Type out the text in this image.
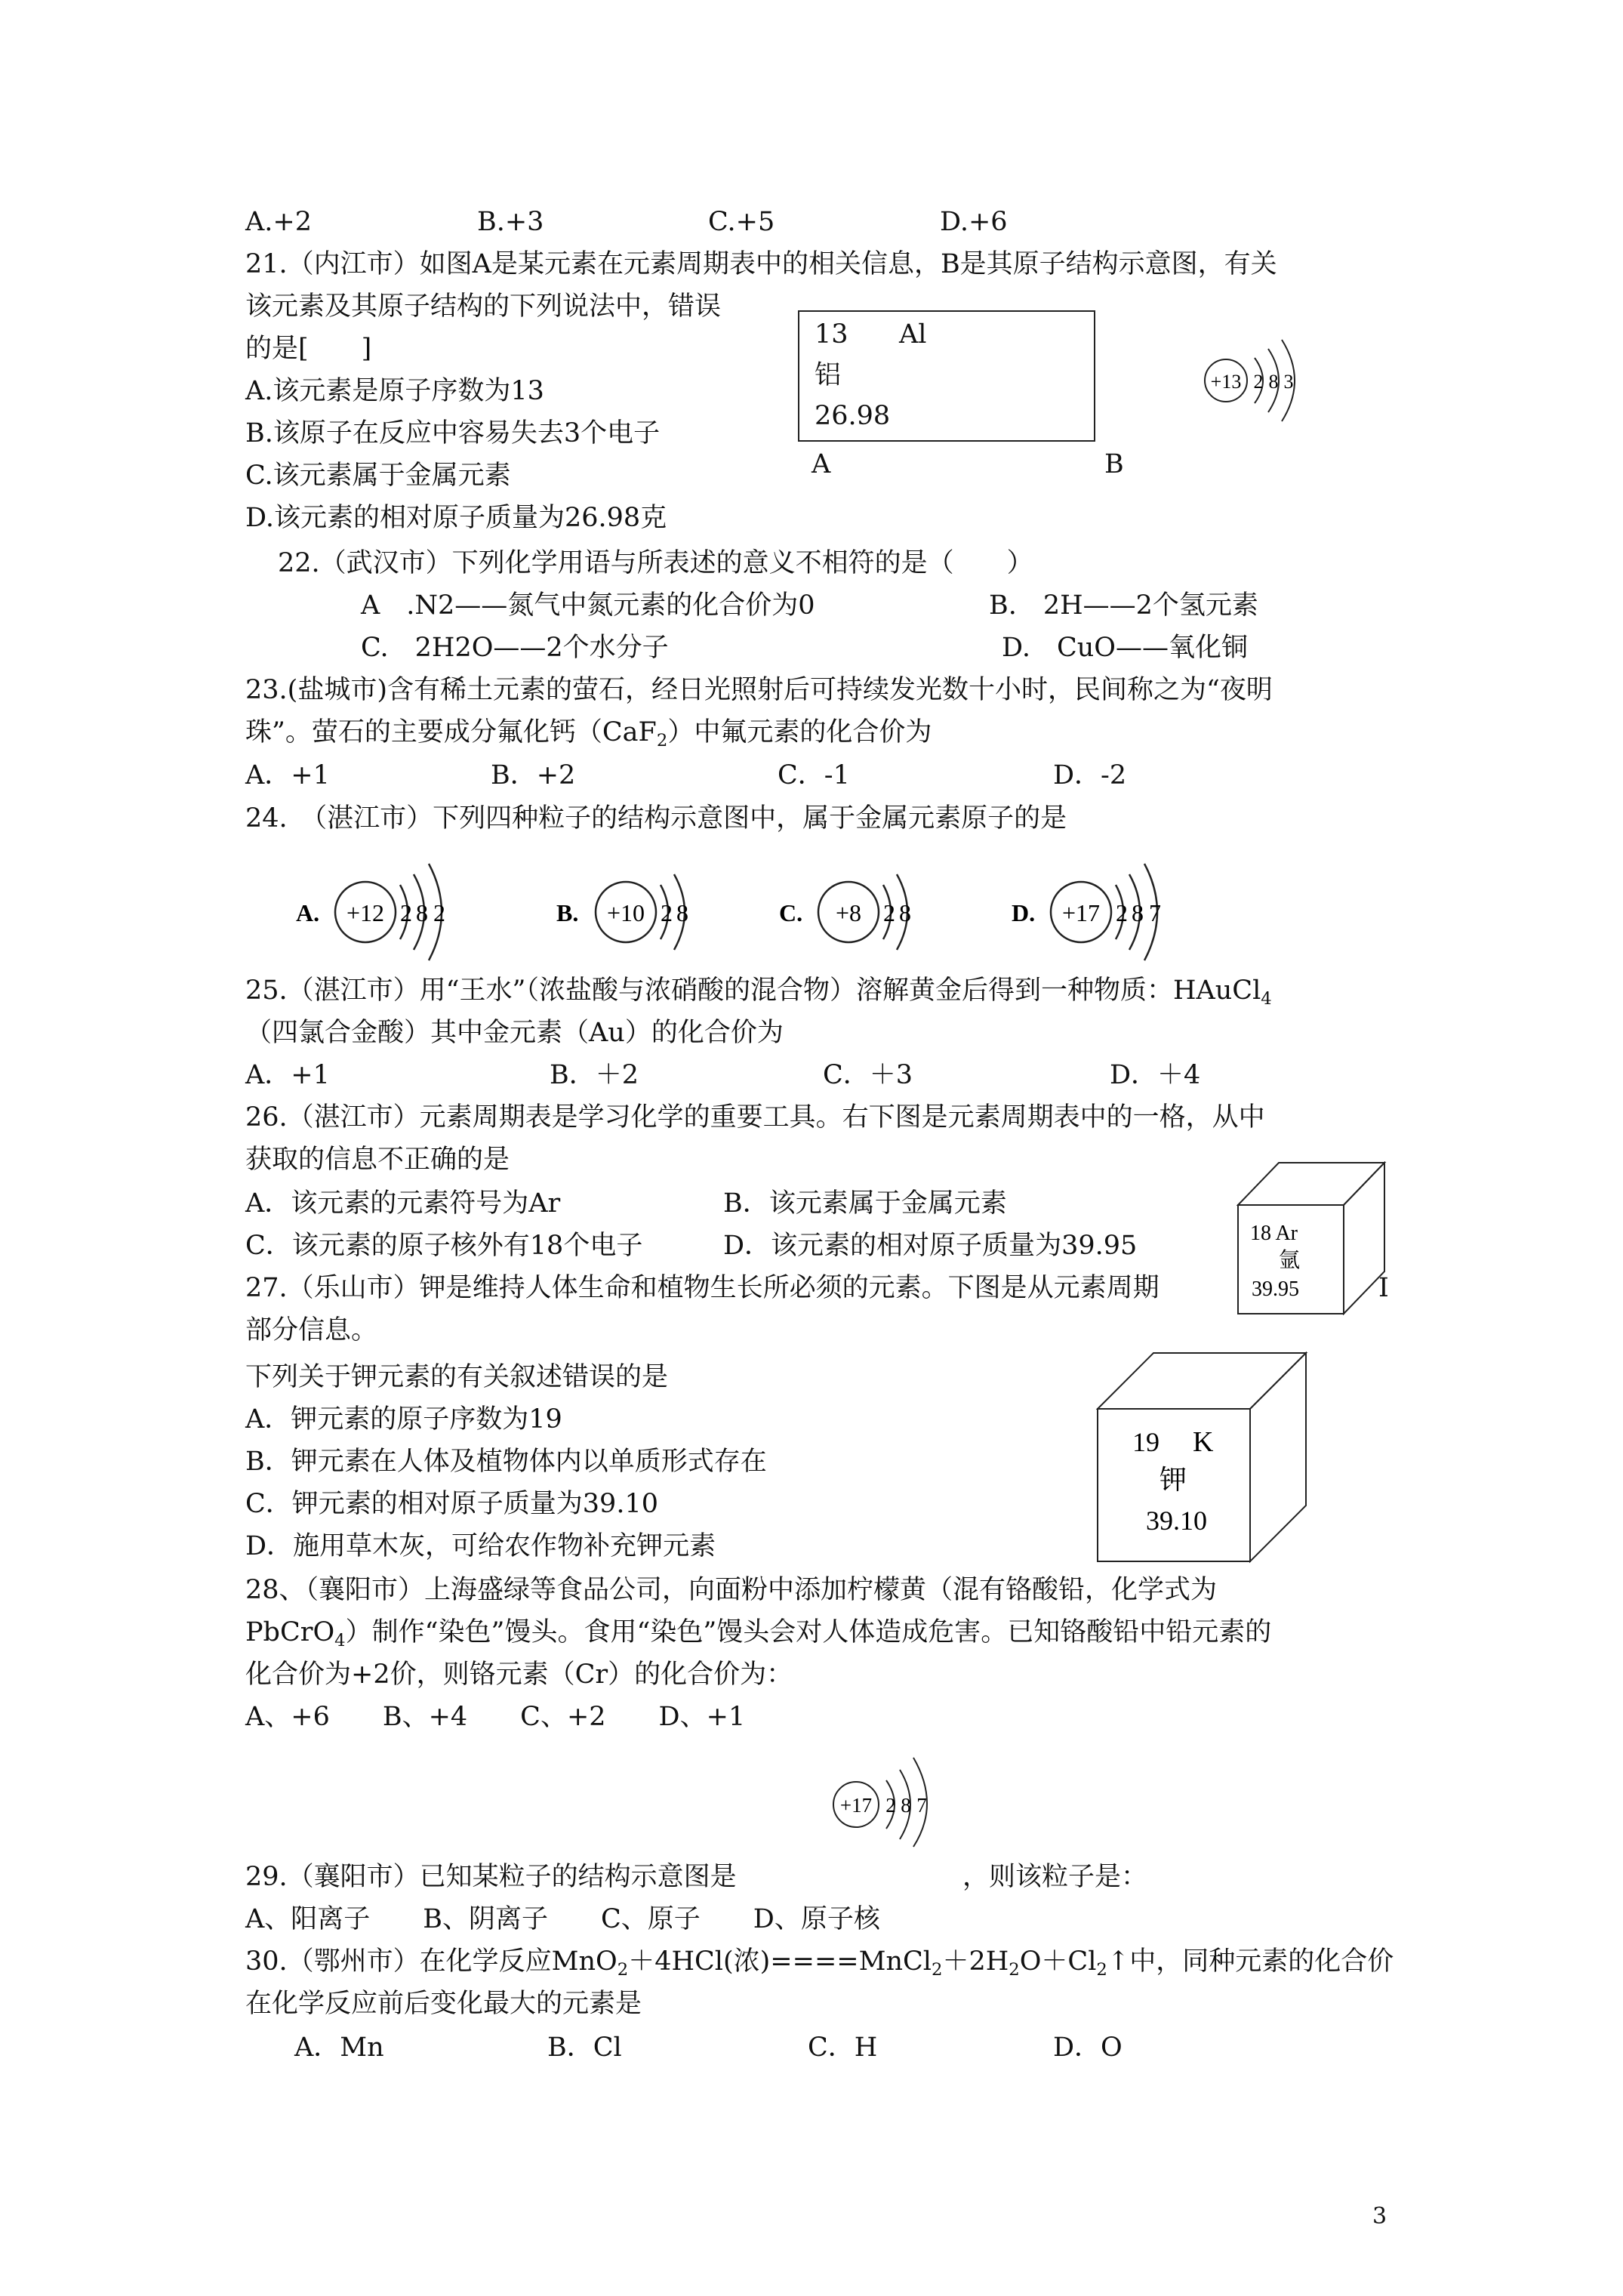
A.+2	B.+3	C.+5	D.+6
21.（内江市）如图A是某元素在元素周期表中的相关信息，B是其原子结构示意图，有关
该元素及其原子结构的下列说法中，错误
的是[　　]
A.该元素是原子序数为13
B.该原子在反应中容易失去3个电子
C.该元素属于金属元素
D.该元素的相对原子质量为26.98克
13 Al
铝
26.98
A	B
+13 2 8 3
22.（武汉市）下列化学用语与所表述的意义不相符的是（　　）
A　.N2——氮气中氮元素的化合价为0	B.　2H——2个氢元素
C.　2H2O——2个水分子	D.　CuO——氧化铜
23.(盐城市)含有稀土元素的萤石，经日光照射后可持续发光数十小时，民间称之为“夜明
珠”。萤石的主要成分氟化钙（CaF$_2$）中氟元素的化合价为
A．+1	B．+2	C．-1	D．-2
24.　（湛江市）下列四种粒子的结构示意图中，属于金属元素原子的是
A. +12 2 8 2	B. +10 2 8	C. +8 2 8	D. +17 2 8 7
25.（湛江市）用“王水”（浓盐酸与浓硝酸的混合物）溶解黄金后得到一种物质：HAuCl$_4$
（四氯合金酸）其中金元素（Au）的化合价为
A．+1	B．＋2	C．＋3	D．＋4
26.（湛江市）元素周期表是学习化学的重要工具。右下图是元素周期表中的一格，从中
获取的信息不正确的是
A．该元素的元素符号为Ar	B．该元素属于金属元素
C．该元素的原子核外有18个电子	D．该元素的相对原子质量为39.95	18 Ar
氩
39.95
27.（乐山市）钾是维持人体生命和植物生长所必须的元素。下图是从元素周期	I
部分信息。
下列关于钾元素的有关叙述错误的是
A．钾元素的原子序数为19
B．钾元素在人体及植物体内以单质形式存在
C．钾元素的相对原子质量为39.10
D．施用草木灰，可给农作物补充钾元素
19 K
钾
39.10
28、（襄阳市）上海盛绿等食品公司，向面粉中添加柠檬黄（混有铬酸铅，化学式为
PbCrO$_4$）制作“染色”馒头。食用“染色”馒头会对人体造成危害。已知铬酸铅中铅元素的
化合价为+2价，则铬元素（Cr）的化合价为：
A、+6　　B、+4　　C、+2　　D、+1
+17 2 8 7
29.（襄阳市）已知某粒子的结构示意图是	，则该粒子是：
A、阳离子　　B、阴离子　　C、原子　　D、原子核
30.（鄂州市）在化学反应MnO$_2$＋4HCl(浓)$====MnCl_2+2H_2O+Cl_2↑$中，同种元素的化合价
在化学反应前后变化最大的元素是
A．Mn	B．Cl	C．H	D．O
3
